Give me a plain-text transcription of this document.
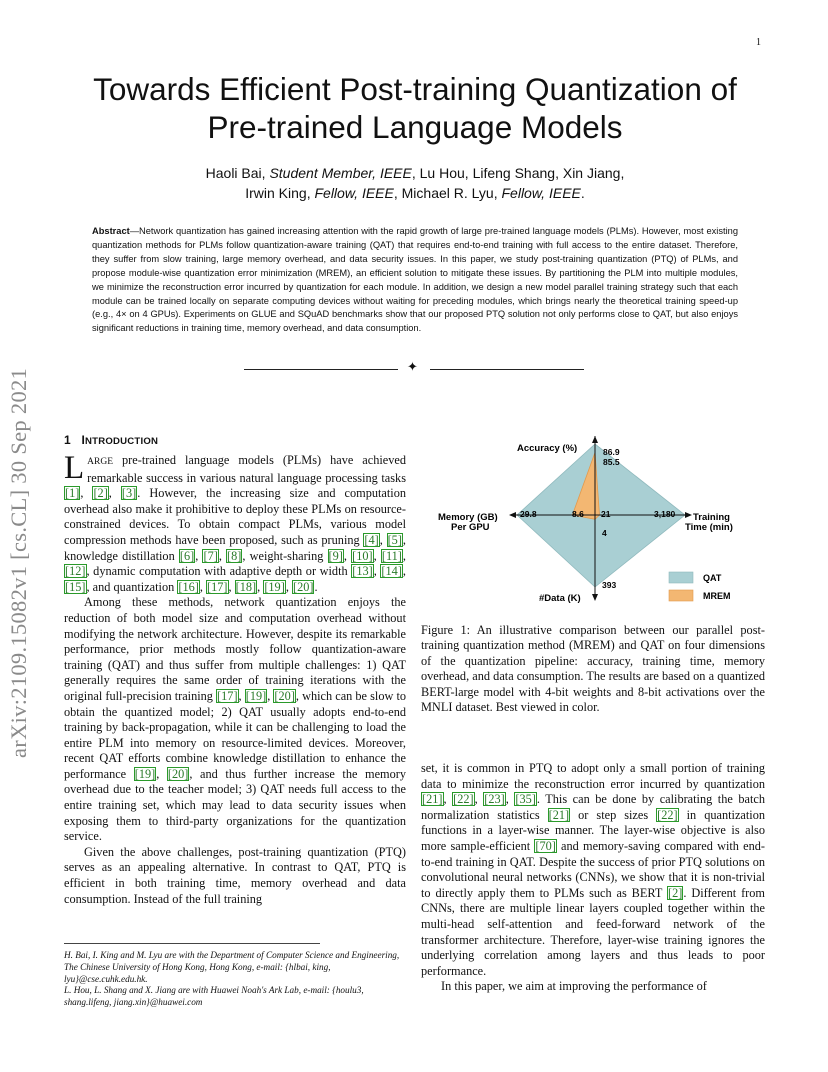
1
arXiv:2109.15082v1 [cs.CL] 30 Sep 2021
Towards Efficient Post-training Quantization of Pre-trained Language Models
Haoli Bai, Student Member, IEEE, Lu Hou, Lifeng Shang, Xin Jiang,
Irwin King, Fellow, IEEE, Michael R. Lyu, Fellow, IEEE.
Abstract—Network quantization has gained increasing attention with the rapid growth of large pre-trained language models (PLMs). However, most existing quantization methods for PLMs follow quantization-aware training (QAT) that requires end-to-end training with full access to the entire dataset. Therefore, they suffer from slow training, large memory overhead, and data security issues. In this paper, we study post-training quantization (PTQ) of PLMs, and propose module-wise quantization error minimization (MREM), an efficient solution to mitigate these issues. By partitioning the PLM into multiple modules, we minimize the reconstruction error incurred by quantization for each module. In addition, we design a new model parallel training strategy such that each module can be trained locally on separate computing devices without waiting for preceding modules, which brings nearly the theoretical training speed-up (e.g., 4× on 4 GPUs). Experiments on GLUE and SQuAD benchmarks show that our proposed PTQ solution not only performs close to QAT, but also enjoys significant reductions in training time, memory overhead, and data consumption.
✦
1 INTRODUCTION

LARGE pre-trained language models (PLMs) have achieved remarkable success in various natural language processing tasks [1], [2], [3]. However, the increasing size and computation overhead also make it prohibitive to deploy these PLMs on resource-constrained devices. To obtain compact PLMs, various model compression methods have been proposed, such as pruning [4], [5], knowledge distillation [6], [7], [8], weight-sharing [9], [10], [11], [12], dynamic computation with adaptive depth or width [13], [14], [15], and quantization [16], [17], [18], [19], [20].

Among these methods, network quantization enjoys the reduction of both model size and computation overhead without modifying the network architecture. However, despite its remarkable performance, prior methods mostly follow quantization-aware training (QAT) and thus suffer from multiple challenges: 1) QAT generally requires the same order of training iterations with the original full-precision training [17], [19], [20], which can be slow to obtain the quantized model; 2) QAT usually adopts end-to-end training by back-propagation, while it can be challenging to load the entire PLM into memory on resource-limited devices. Moreover, recent QAT efforts combine knowledge distillation to enhance the performance [19], [20], and thus further increase the memory overhead due to the teacher model; 3) QAT needs full access to the entire training set, which may lead to data security issues when exposing them to third-party organizations for the quantization service.

Given the above challenges, post-training quantization (PTQ) serves as an appealing alternative. In contrast to QAT, PTQ is efficient in both training time, memory overhead and data consumption. Instead of the full training

H. Bai, I. King and M. Lyu are with the Department of Computer Science and Engineering, The Chinese University of Hong Kong, Hong Kong, e-mail: {hlbai, king, lyu}@cse.cuhk.edu.hk.
L. Hou, L. Shang and X. Jiang are with Huawei Noah's Ark Lab, e-mail: {houlu3, shang.lifeng, jiang.xin}@huawei.com
Accuracy (%)	86.9
85.5
Memory (GB)
Per GPU
29.8	8.6 21	3,180 Training
Time (min)
4
393
#Data (K)
QAT
MREM
Figure 1: An illustrative comparison between our parallel post-training quantization method (MREM) and QAT on four dimensions of the quantization pipeline: accuracy, training time, memory overhead, and data consumption. The results are based on a quantized BERT-large model with 4-bit weights and 8-bit activations over the MNLI dataset. Best viewed in color.

set, it is common in PTQ to adopt only a small portion of training data to minimize the reconstruction error incurred by quantization [21], [22], [23], [35]. This can be done by calibrating the batch normalization statistics [21] or step sizes [22] in quantization functions in a layer-wise manner. The layer-wise objective is also more sample-efficient [70] and memory-saving compared with end-to-end training in QAT. Despite the success of prior PTQ solutions on convolutional neural networks (CNNs), we show that it is non-trivial to directly apply them to PLMs such as BERT [2]. Different from CNNs, there are multiple linear layers coupled together within the multi-head self-attention and feed-forward network of the transformer architecture. Therefore, layer-wise training ignores the underlying correlation among layers and thus leads to poor performance.

In this paper, we aim at improving the performance of
